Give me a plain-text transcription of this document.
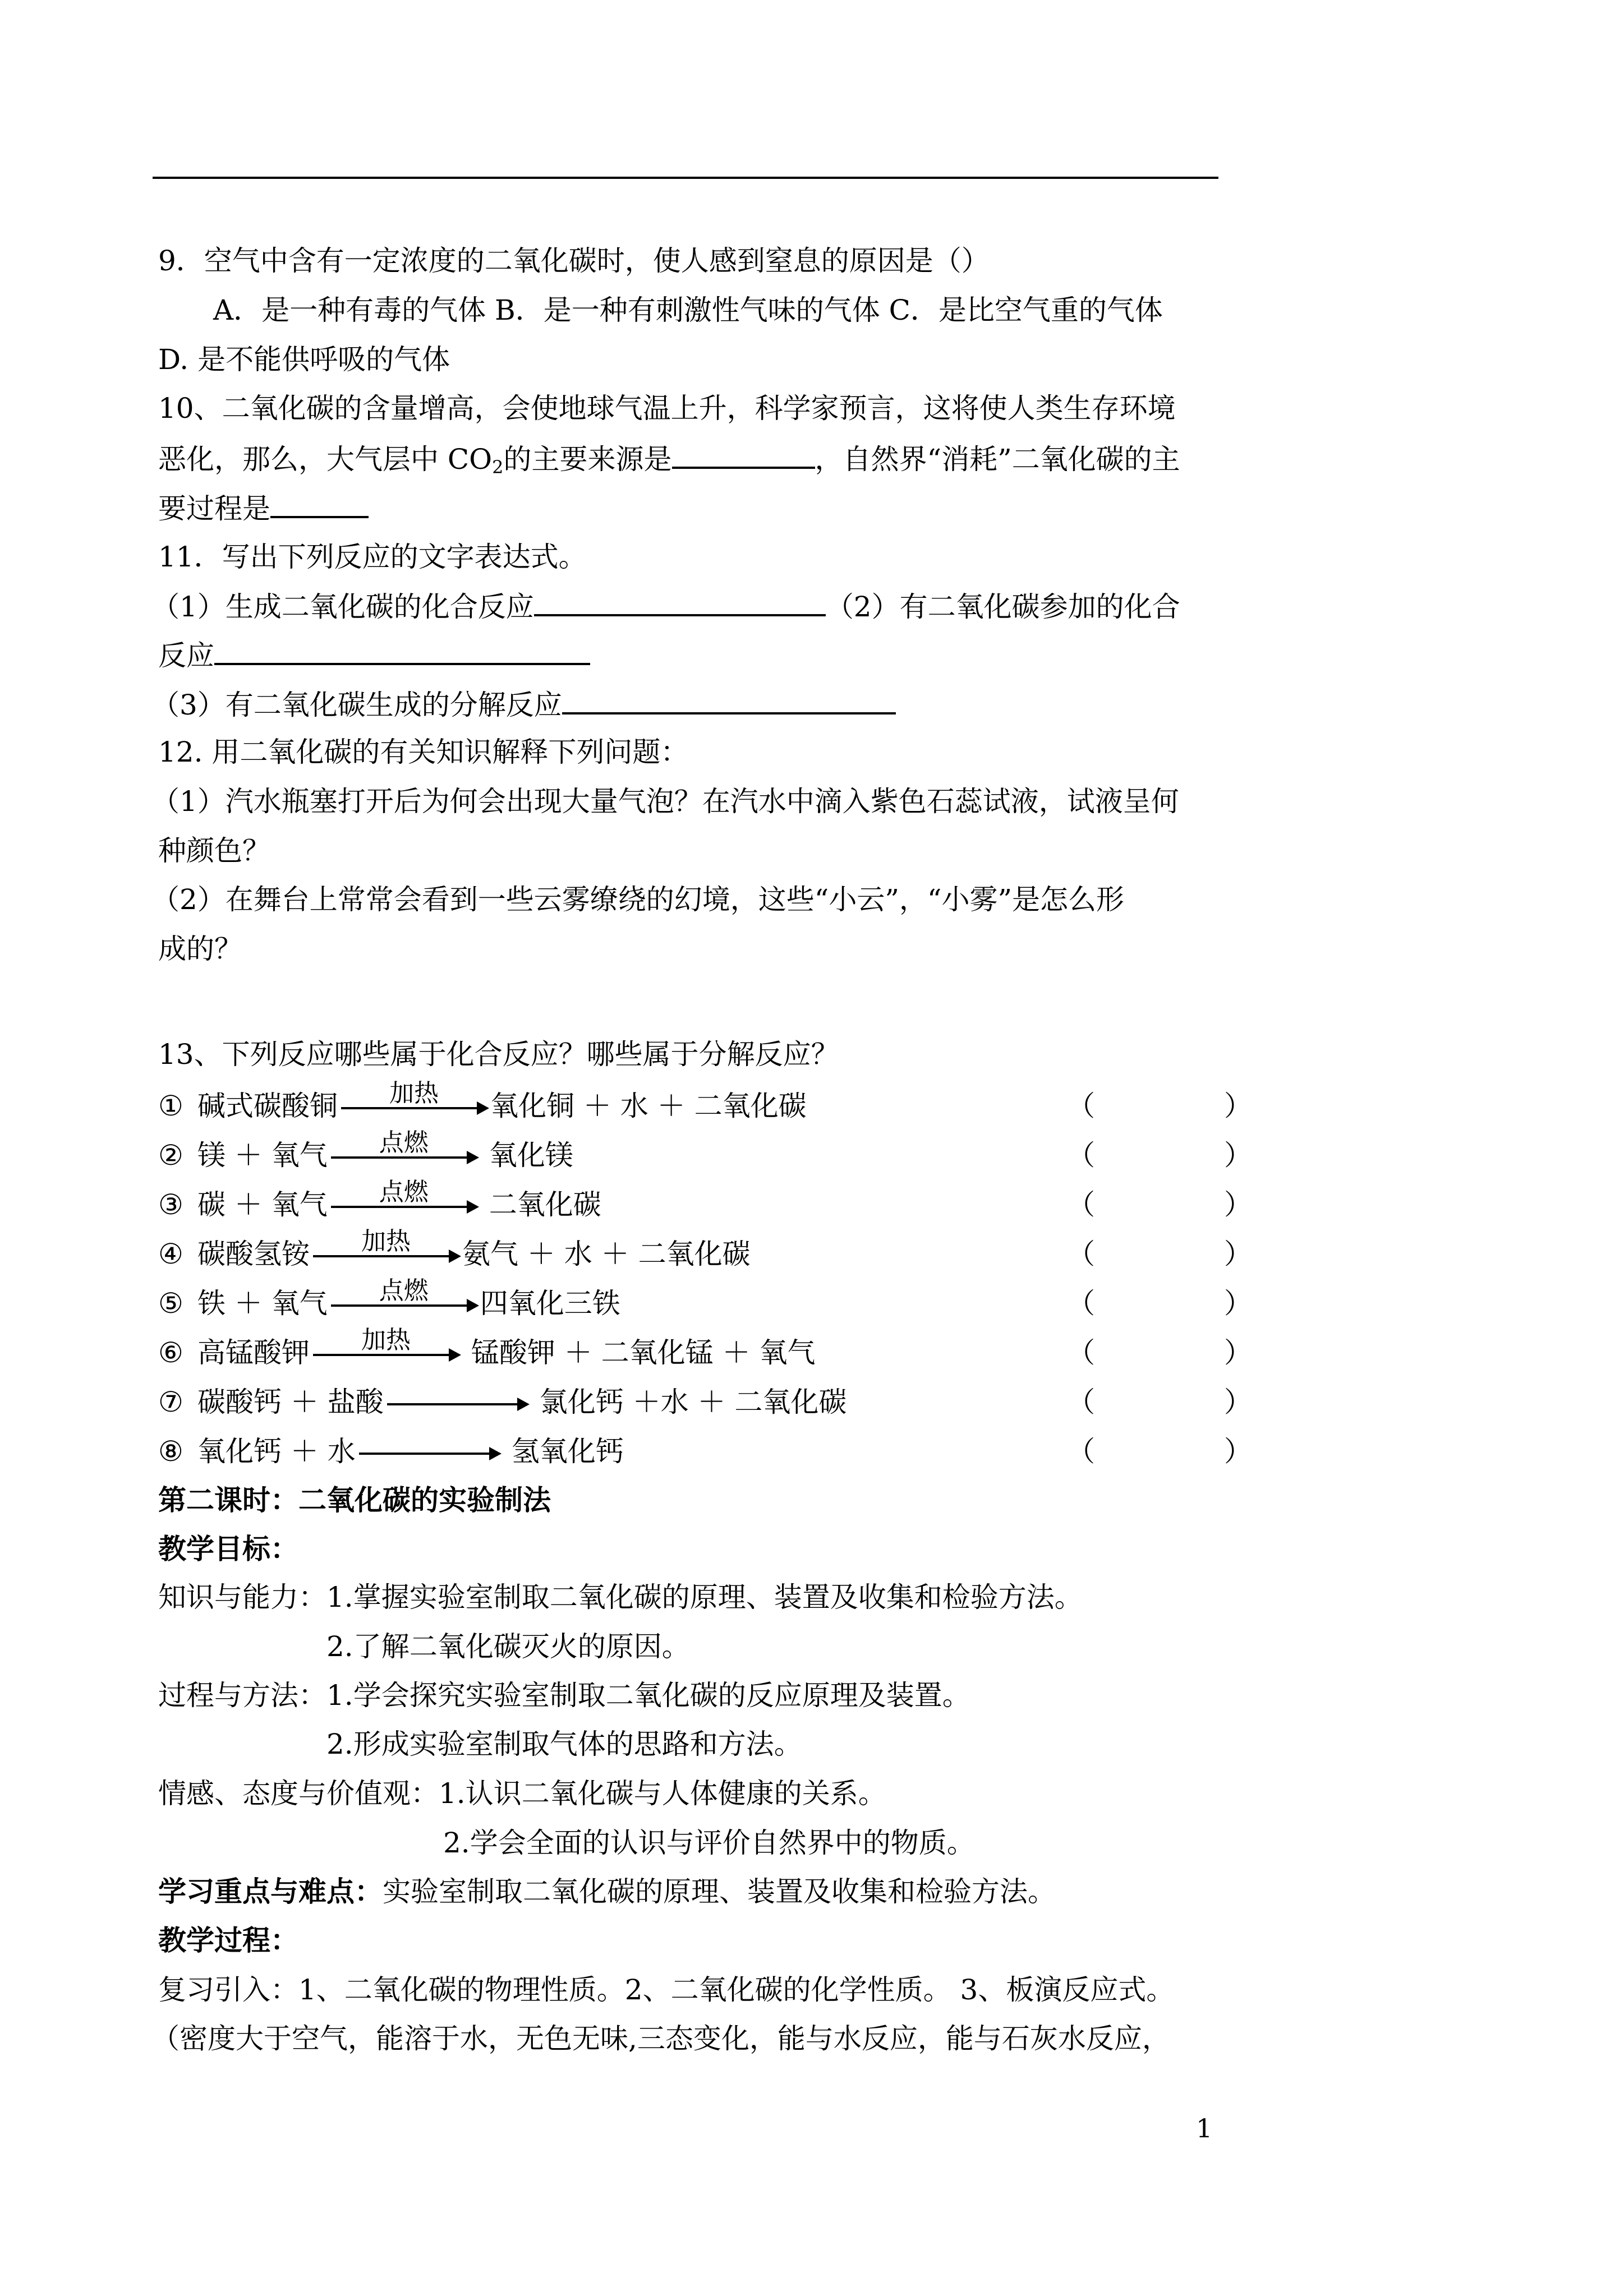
9．空气中含有一定浓度的二氧化碳时，使人感到窒息的原因是（）
A．是一种有毒的气体 B．是一种有刺激性气味的气体 C．是比空气重的气体
D. 是不能供呼吸的气体
10、二氧化碳的含量增高，会使地球气温上升，科学家预言，这将使人类生存环境
恶化，那么，大气层中 $CO_2$的主要来源是	，自然界“消耗”二氧化碳的主
要过程是
11．写出下列反应的文字表达式。
（1）生成二氧化碳的化合反应	（2）有二氧化碳参加的化合
反应
（3）有二氧化碳生成的分解反应
12. 用二氧化碳的有关知识解释下列问题：
（1）汽水瓶塞打开后为何会出现大量气泡？在汽水中滴入紫色石蕊试液，试液呈何
种颜色？
（2）在舞台上常常会看到一些云雾缭绕的幻境，这些“小云”，“小雾”是怎么形
成的？
13、下列反应哪些属于化合反应？哪些属于分解反应？
① 碱式碳酸铜 加热 氧化铜 ＋ 水 ＋ 二氧化碳	（	）
② 镁 ＋ 氧气 点燃 氧化镁	（	）
③ 碳 ＋ 氧气 点燃 二氧化碳	（	）
④ 碳酸氢铵 加热 氨气 ＋ 水 ＋ 二氧化碳	（	）
⑤ 铁 ＋ 氧气 点燃 四氧化三铁	（	）
⑥ 高锰酸钾 加热 锰酸钾 ＋ 二氧化锰 ＋ 氧气	（	）
⑦ 碳酸钙 ＋ 盐酸	氯化钙 ＋水 ＋ 二氧化碳	（	）
⑧ 氧化钙 ＋ 水	氢氧化钙	（	）
第二课时：二氧化碳的实验制法
教学目标：
知识与能力：1.掌握实验室制取二氧化碳的原理、装置及收集和检验方法。
2.了解二氧化碳灭火的原因。
过程与方法：1.学会探究实验室制取二氧化碳的反应原理及装置。
2.形成实验室制取气体的思路和方法。
情感、态度与价值观：1.认识二氧化碳与人体健康的关系。
2.学会全面的认识与评价自然界中的物质。
学习重点与难点：实验室制取二氧化碳的原理、装置及收集和检验方法。
教学过程：
复习引入：1、二氧化碳的物理性质。2、二氧化碳的化学性质。 3、板演反应式。
（密度大于空气，能溶于水，无色无味,三态变化，能与水反应，能与石灰水反应，
1
